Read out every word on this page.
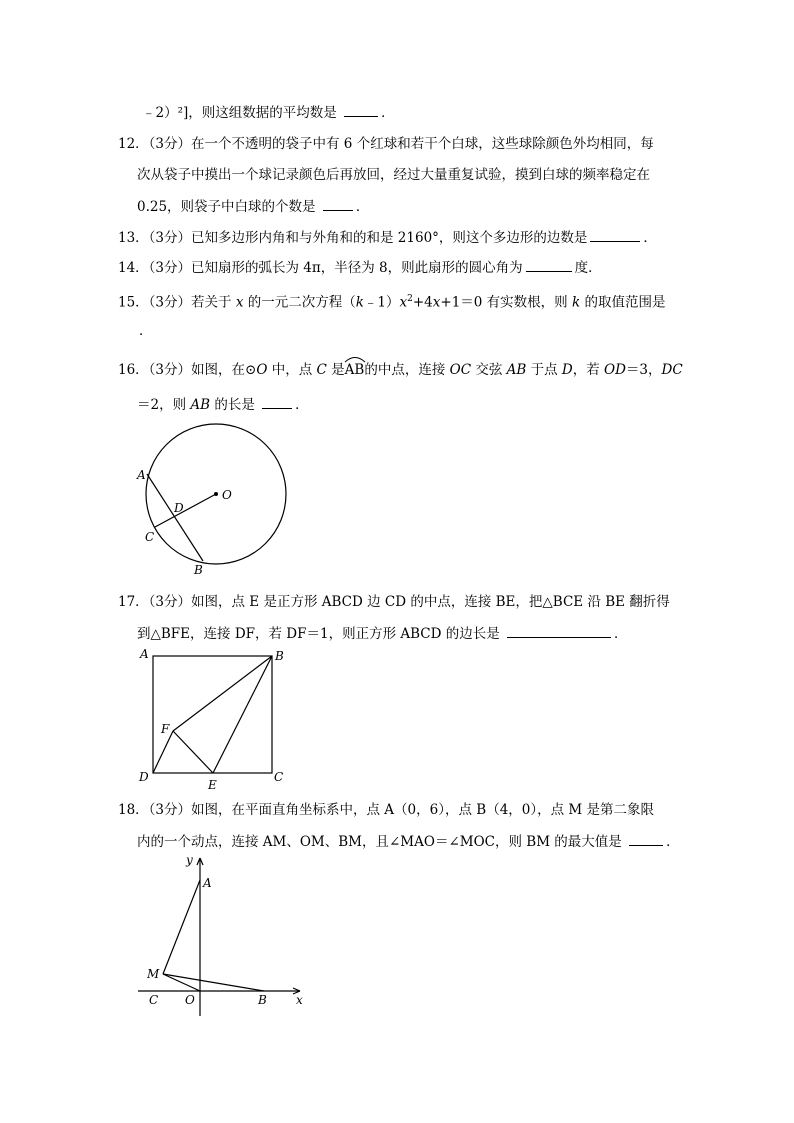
﹣2）²]，则这组数据的平均数是	．
12．（3分）在一个不透明的袋子中有 6 个红球和若干个白球，这些球除颜色外均相同，每
次从袋子中摸出一个球记录颜色后再放回，经过大量重复试验，摸到白球的频率稳定在
0.25，则袋子中白球的个数是	．
13．（3分）已知多边形内角和与外角和的和是 2160°，则这个多边形的边数是	．
14．（3分）已知扇形的弧长为 4π，半径为 8，则此扇形的圆心角为	度．
15．（3分）若关于 x 的一元二次方程$(k﹣1)x^2+4x+1=0$ 有实数根，则 k 的取值范围是
．
16．（3分）如图，在⊙O 中，点 C 是
AB的中点，连接 OC 交弦 AB 于点 D，若 OD＝3，DC
＝2，则 AB 的长是	．
A
D
O
C
B
17．（3分）如图，点 E 是正方形 ABCD 边 CD 的中点，连接 BE，把△BCE 沿 BE 翻折得
到△BFE，连接 DF，若 DF＝1，则正方形 ABCD 的边长是	．
A	B
F
D
E
C
18．（3分）如图，在平面直角坐标系中，点 A（0，6），点 B（4，0），点 M 是第二象限
内的一个动点，连接 AM、OM、BM，且∠MAO＝∠MOC，则 BM 的最大值是	．
y
A
M
C O	B x
